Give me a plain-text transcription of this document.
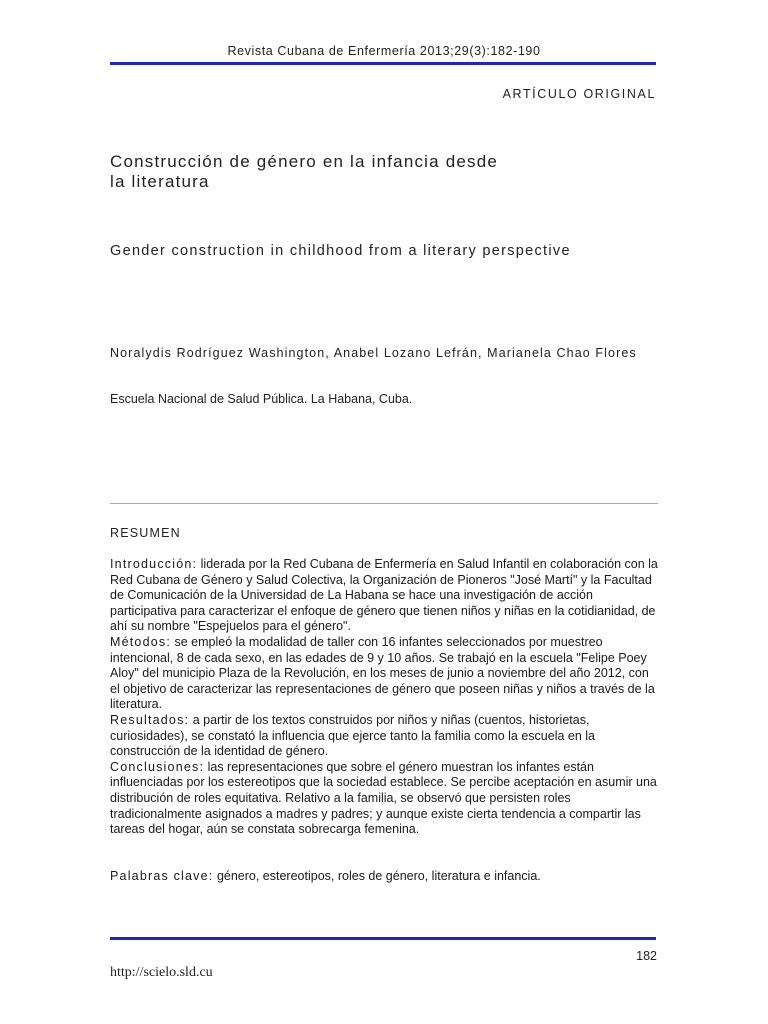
Revista Cubana de Enfermería 2013;29(3):182-190
ARTÍCULO ORIGINAL
Construcción de género en la infancia desde
la literatura
Gender construction in childhood from a literary perspective
Noralydis Rodríguez Washington, Anabel Lozano Lefrán, Marianela Chao Flores
Escuela Nacional de Salud Pública. La Habana, Cuba.
RESUMEN

Introducción: liderada por la Red Cubana de Enfermería en Salud Infantil en colaboración con la Red Cubana de Género y Salud Colectiva, la Organización de Pioneros "José Martí" y la Facultad de Comunicación de la Universidad de La Habana se hace una investigación de acción participativa para caracterizar el enfoque de género que tienen niños y niñas en la cotidianidad, de ahí su nombre "Espejuelos para el género".

Métodos: se empleó la modalidad de taller con 16 infantes seleccionados por muestreo intencional, 8 de cada sexo, en las edades de 9 y 10 años. Se trabajó en la escuela "Felipe Poey Aloy" del municipio Plaza de la Revolución, en los meses de junio a noviembre del año 2012, con el objetivo de caracterizar las representaciones de género que poseen niñas y niños a través de la literatura.

Resultados: a partir de los textos construidos por niños y niñas (cuentos, historietas, curiosidades), se constató la influencia que ejerce tanto la familia como la escuela en la construcción de la identidad de género.

Conclusiones: las representaciones que sobre el género muestran los infantes están influenciadas por los estereotipos que la sociedad establece. Se percibe aceptación en asumir una distribución de roles equitativa. Relativo a la familia, se observó que persisten roles tradicionalmente asignados a madres y padres; y aunque existe cierta tendencia a compartir las tareas del hogar, aún se constata sobrecarga femenina.

Palabras clave: género, estereotipos, roles de género, literatura e infancia.
182
http://scielo.sld.cu
